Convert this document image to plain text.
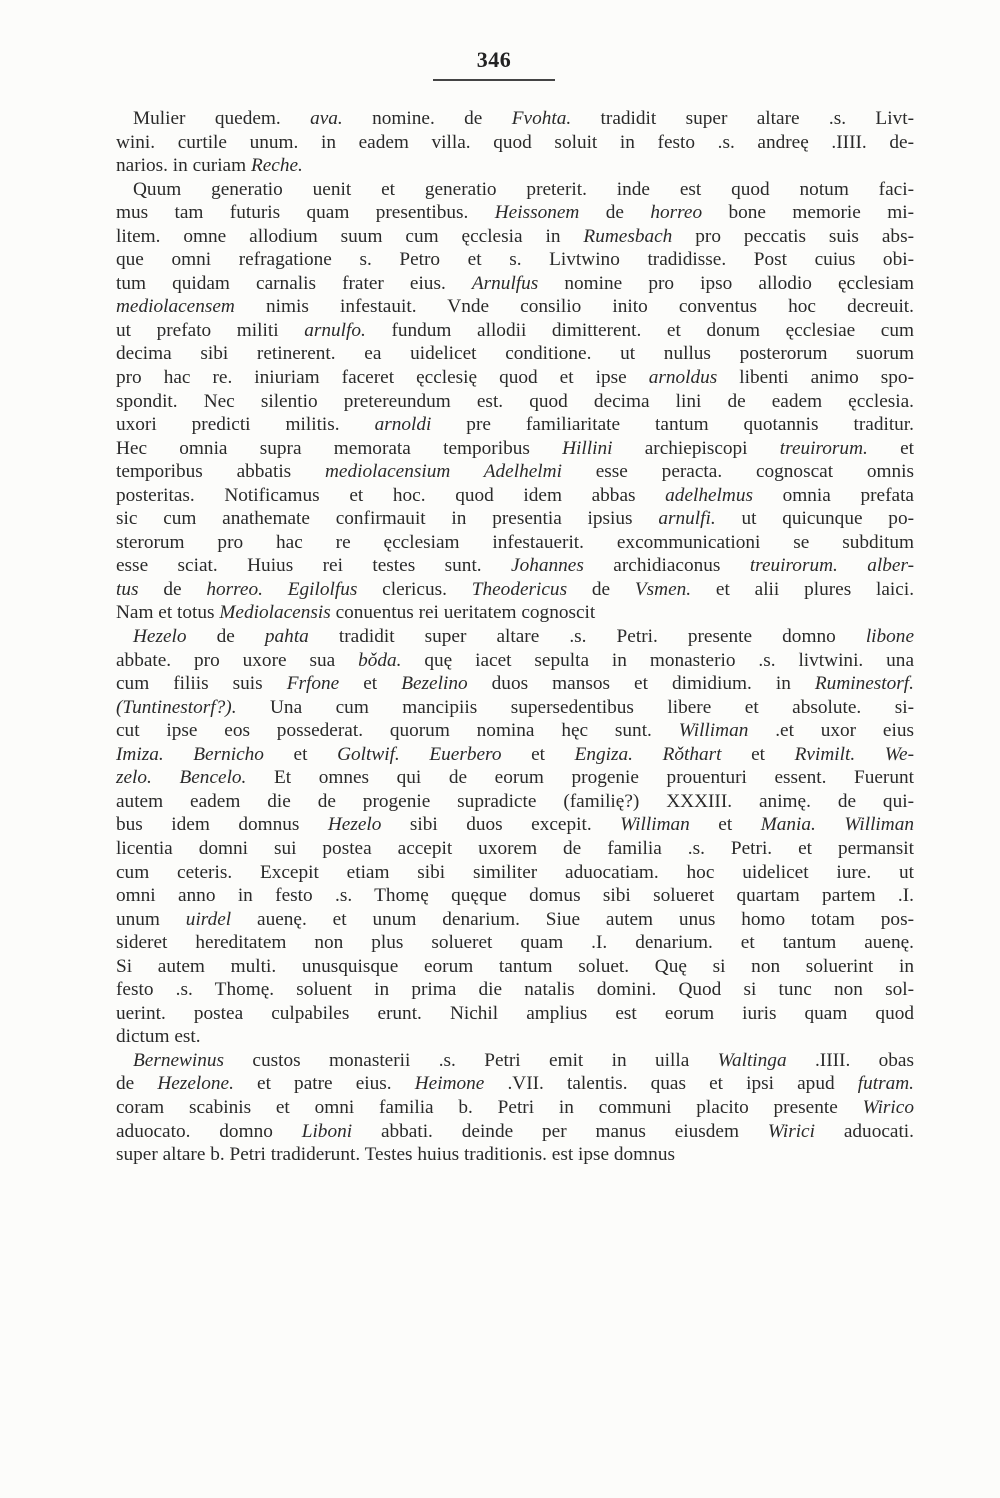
346
Mulier quedem. ava. nomine. de Fvohta. tradidit super altare .s. Livt-
wini. curtile unum. in eadem villa. quod soluit in festo .s. andreę .IIII. de-
narios. in curiam Reche.
Quum generatio uenit et generatio preterit. inde est quod notum faci-
mus tam futuris quam presentibus. Heissonem de horreo bone memorie mi-
litem. omne allodium suum cum ęcclesia in Rumesbach pro peccatis suis abs-
que omni refragatione s. Petro et s. Livtwino tradidisse. Post cuius obi-
tum quidam carnalis frater eius. Arnulfus nomine pro ipso allodio ęcclesiam
mediolacensem nimis infestauit. Vnde consilio inito conventus hoc decreuit.
ut prefato militi arnulfo. fundum allodii dimitterent. et donum ęcclesiae cum
decima sibi retinerent. ea uidelicet conditione. ut nullus posterorum suorum
pro hac re. iniuriam faceret ęcclesię quod et ipse arnoldus libenti animo spo-
spondit. Nec silentio pretereundum est. quod decima lini de eadem ęcclesia.
uxori predicti militis. arnoldi pre familiaritate tantum quotannis traditur.
Hec omnia supra memorata temporibus Hillini archiepiscopi treuirorum. et
temporibus abbatis mediolacensium Adelhelmi esse peracta. cognoscat omnis
posteritas. Notificamus et hoc. quod idem abbas adelhelmus omnia prefata
sic cum anathemate confirmauit in presentia ipsius arnulfi. ut quicunque po-
sterorum pro hac re ęcclesiam infestauerit. excommunicationi se subditum
esse sciat. Huius rei testes sunt. Johannes archidiaconus treuirorum. alber-
tus de horreo. Egilolfus clericus. Theodericus de Vsmen. et alii plures laici.
Nam et totus Mediolacensis conuentus rei ueritatem cognoscit
Hezelo de pahta tradidit super altare .s. Petri. presente domno libone
abbate. pro uxore sua bǒda. quę iacet sepulta in monasterio .s. livtwini. una
cum filiis suis Frfone et Bezelino duos mansos et dimidium. in Ruminestorf.
(Tuntinestorf?). Una cum mancipiis supersedentibus libere et absolute. si-
cut ipse eos possederat. quorum nomina hęc sunt. Williman .et uxor eius
Imiza. Bernicho et Goltwif. Euerbero et Engiza. Rǒthart et Rvimilt. We-
zelo. Bencelo. Et omnes qui de eorum progenie prouenturi essent. Fuerunt
autem eadem die de progenie supradicte (familię?) XXXIII. animę. de qui-
bus idem domnus Hezelo sibi duos excepit. Williman et Mania. Williman
licentia domni sui postea accepit uxorem de familia .s. Petri. et permansit
cum ceteris. Excepit etiam sibi similiter aduocatiam. hoc uidelicet iure. ut
omni anno in festo .s. Thomę quęque domus sibi solueret quartam partem .I.
unum uirdel auenę. et unum denarium. Siue autem unus homo totam pos-
sideret hereditatem non plus solueret quam .I. denarium. et tantum auenę.
Si autem multi. unusquisque eorum tantum soluet. Quę si non soluerint in
festo .s. Thomę. soluent in prima die natalis domini. Quod si tunc non sol-
uerint. postea culpabiles erunt. Nichil amplius est eorum iuris quam quod
dictum est.
Bernewinus custos monasterii .s. Petri emit in uilla Waltinga .IIII. obas
de Hezelone. et patre eius. Heimone .VII. talentis. quas et ipsi apud futram.
coram scabinis et omni familia b. Petri in communi placito presente Wirico
aduocato. domno Liboni abbati. deinde per manus eiusdem Wirici aduocati.
super altare b. Petri tradiderunt. Testes huius traditionis. est ipse domnus
